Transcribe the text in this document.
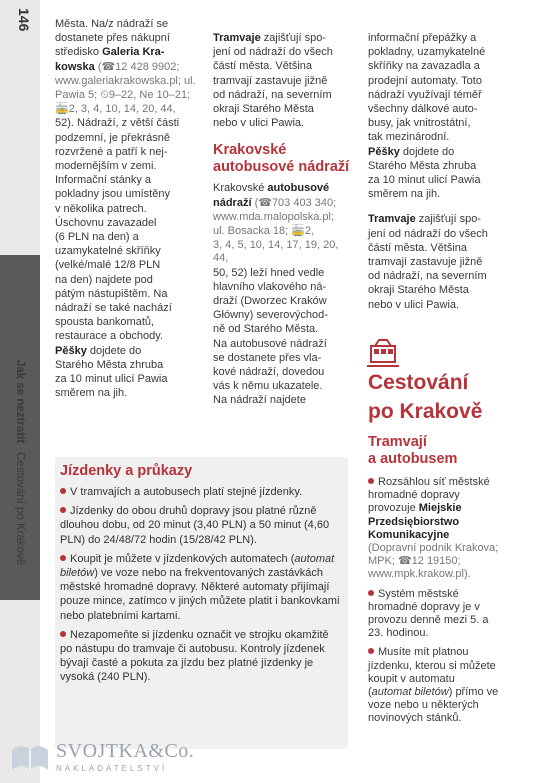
146
Jak se neztratit Cestování po Krakově

Města. Na/z nádraží se

dostanete přes nákupní

středisko Galeria Kra-

kowska (☎12 428 9902;

www.galeriakrakowska.pl; ul.

Pawia 5; ⏲9–22, Ne 10–21;

🚋2, 3, 4, 10, 14, 20, 44,

52). Nádraží, z větší části

podzemní, je překrásně

rozvržené a patří k nej-

modernějším v zemi.

Informační stánky a

pokladny jsou umístěny

v několika patrech.

Úschovnu zavazadel

(6 PLN na den) a

uzamykatelné skříňky

(velké/malé 12/8 PLN

na den) najdete pod

pátým nástupištěm. Na

nádraží se také nachází

spousta bankomatů,

restaurace a obchody.

Pěšky dojdete do

Starého Města zhruba

za 10 minut ulicí Pawia

směrem na jih.

Tramvaje zajišťují spo-

jení od nádraží do všech

částí města. Většina

tramvají zastavuje jižně

od nádraží, na severním

okraji Starého Města

nebo v ulici Pawia.

Krakovské autobusové nádraží

Krakovské autobusové

nádraží (☎703 403 340;

www.mda.malopolska.pl;

ul. Bosacka 18; 🚋2,

3, 4, 5, 10, 14, 17, 19, 20, 44,

50, 52) leží hned vedle

hlavního vlakového ná-

draží (Dworzec Kraków

Główny) severovýchod-

ně od Starého Města.

Na autobusové nádraží

se dostanete přes vla-

kové nádraží, dovedou

vás k němu ukazatele.

Na nádraží najdete

informační přepážky a

pokladny, uzamykatelné

skříňky na zavazadla a

prodejní automaty. Toto

nádraží využívají téměř

všechny dálkové auto-

busy, jak vnitrostátní,

tak mezinárodní.

Pěšky dojdete do

Starého Města zhruba

za 10 minut ulicí Pawia

směrem na jih.

Tramvaje zajišťují spo-

jení od nádraží do všech

částí města. Většina

tramvají zastavuje jižně

od nádraží, na severním

okraji Starého Města

nebo v ulici Pawia.

Cestování
po Krakově
Tramvají
a autobusem
Rozsáhlou síť městské hromadné dopravy provozuje Miejskie Przedsiębiorstwo Komunikacyjne (Dopravní podnik Krakova; MPK; ☎12 19150; www.mpk.krakow.pl).
Systém městské hromadné dopravy je v provozu denně mezi 5. a 23. hodinou.
Musíte mít platnou jízdenku, kterou si můžete koupit v automatu (automat biletów) přímo ve voze nebo u některých novinových stánků.
Jízdenky a průkazy
V tramvajích a autobusech platí stejné jízdenky.
Jízdenky do obou druhů dopravy jsou platné různě dlouhou dobu, od 20 minut (3,40 PLN) a 50 minut (4,60 PLN) do 24/48/72 hodin (15/28/42 PLN).
Koupit je můžete v jízdenkových automatech (automat biletów) ve voze nebo na frekventovaných zastávkách městské hromadné dopravy. Některé automaty přijímají pouze mince, zatímco v jiných můžete platit i bankovkami nebo platebními kartami.
Nezapomeňte si jízdenku označit ve strojku okamžitě po nástupu do tramvaje či autobusu. Kontroly jízdenek bývají časté a pokuta za jízdu bez platné jízdenky je vysoká (240 PLN).
SVOJTKA&Co.
NAKLADATELSTVÍ
